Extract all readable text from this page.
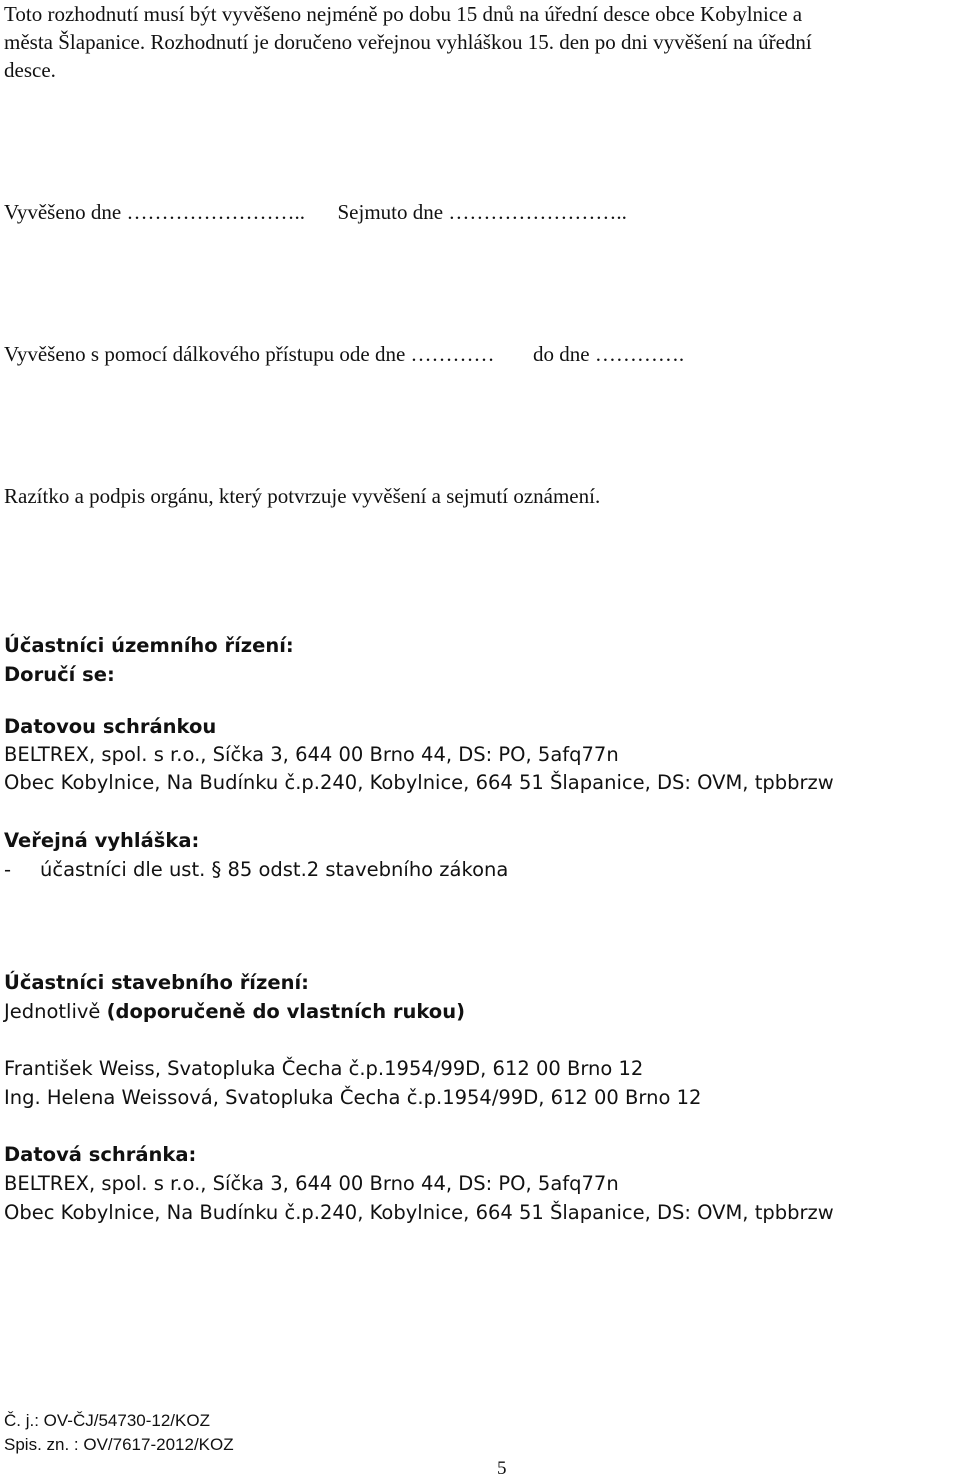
Toto rozhodnutí musí být vyvěšeno nejméně po dobu 15 dnů na úřední desce obce Kobylnice a
města Šlapanice. Rozhodnutí je doručeno veřejnou vyhláškou 15. den po dni vyvěšení na úřední
desce.
Vyvěšeno dne …………………….. Sejmuto dne ……………………..
Vyvěšeno s pomocí dálkového přístupu ode dne ………… do dne ………….
Razítko a podpis orgánu, který potvrzuje vyvěšení a sejmutí oznámení.
Účastníci územního řízení:
Doručí se:
Datovou schránkou
BELTREX, spol. s r.o., Síčka 3, 644 00 Brno 44, DS: PO, 5afq77n
Obec Kobylnice, Na Budínku č.p.240, Kobylnice, 664 51 Šlapanice, DS: OVM, tpbbrzw
Veřejná vyhláška:
- účastníci dle ust. § 85 odst.2 stavebního zákona
Účastníci stavebního řízení:
Jednotlivě (doporučeně do vlastních rukou)
František Weiss, Svatopluka Čecha č.p.1954/99D, 612 00 Brno 12
Ing. Helena Weissová, Svatopluka Čecha č.p.1954/99D, 612 00 Brno 12
Datová schránka:
BELTREX, spol. s r.o., Síčka 3, 644 00 Brno 44, DS: PO, 5afq77n
Obec Kobylnice, Na Budínku č.p.240, Kobylnice, 664 51 Šlapanice, DS: OVM, tpbbrzw
Č. j.: OV-ČJ/54730-12/KOZ
Spis. zn. : OV/7617-2012/KOZ
5
